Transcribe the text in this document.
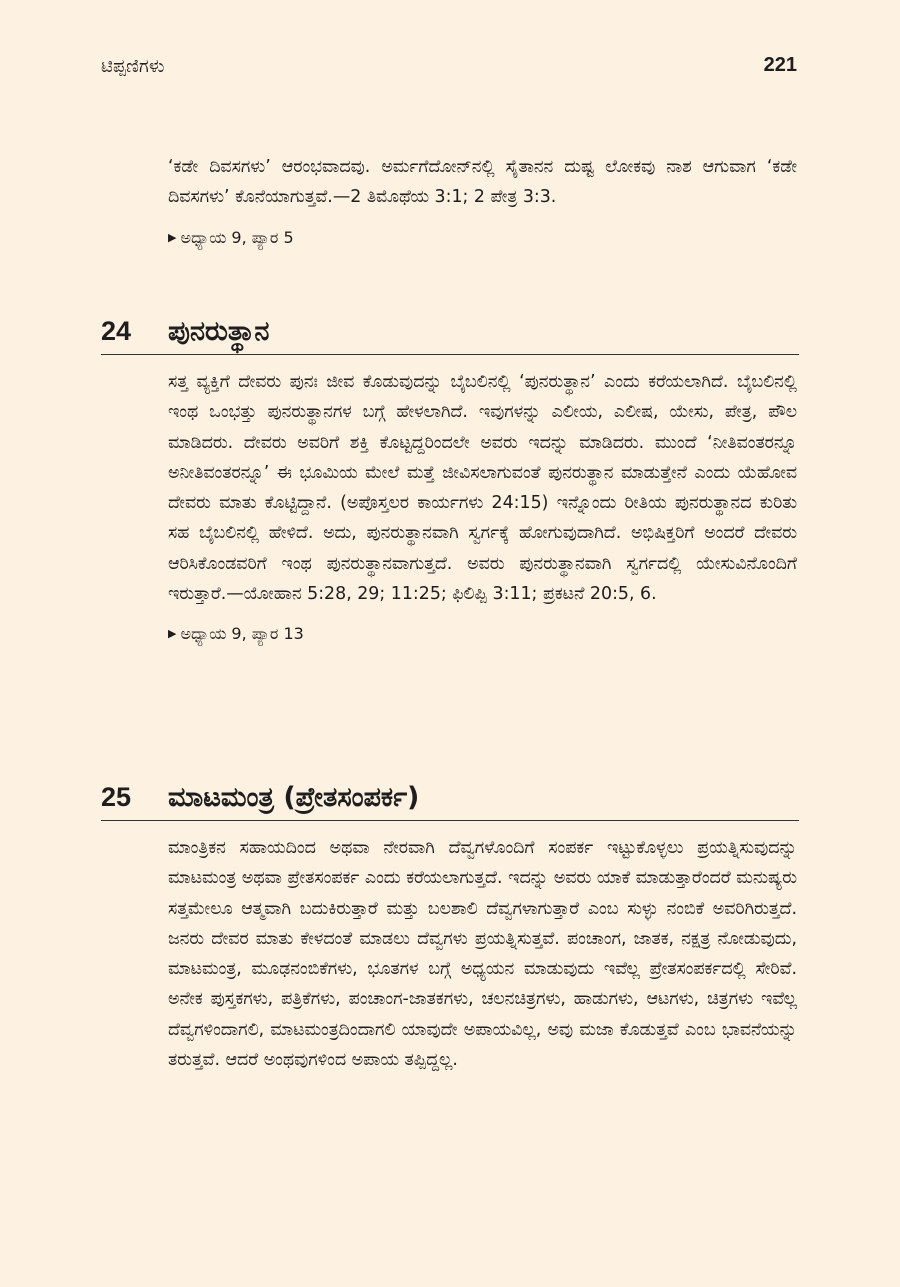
ಟಿಪ್ಪಣಿಗಳು	221

‘ಕಡೇ ದಿವಸಗಳು’ ಆರಂಭವಾದವು. ಅರ್ಮಗೆದೋನ್‌ನಲ್ಲಿ ಸೈತಾನನ ದುಷ್ಟ ಲೋಕವು ನಾಶ ಆಗುವಾಗ ‘ಕಡೇ ದಿವಸಗಳು’ ಕೊನೆಯಾಗುತ್ತವೆ.—2 ತಿಮೊಥೆಯ 3:1; 2 ಪೇತ್ರ 3:3.

▶ ಅಧ್ಯಾಯ 9, ಪ್ಯಾರ 5

24	ಪುನರುತ್ಥಾನ

ಸತ್ತ ವ್ಯಕ್ತಿಗೆ ದೇವರು ಪುನಃ ಜೀವ ಕೊಡುವುದನ್ನು ಬೈಬಲಿನಲ್ಲಿ ‘ಪುನರುತ್ಥಾನ’ ಎಂದು ಕರೆಯಲಾಗಿದೆ. ಬೈಬಲಿನಲ್ಲಿ ಇಂಥ ಒಂಭತ್ತು ಪುನರುತ್ಥಾನಗಳ ಬಗ್ಗೆ ಹೇಳಲಾಗಿದೆ. ಇವುಗಳನ್ನು ಎಲೀಯ, ಎಲೀಷ, ಯೇಸು, ಪೇತ್ರ, ಪೌಲ ಮಾಡಿದರು. ದೇವರು ಅವರಿಗೆ ಶಕ್ತಿ ಕೊಟ್ಟದ್ದರಿಂದಲೇ ಅವರು ಇದನ್ನು ಮಾಡಿದರು. ಮುಂದೆ ‘ನೀತಿವಂತರನ್ನೂ ಅನೀತಿವಂತರನ್ನೂ’ ಈ ಭೂಮಿಯ ಮೇಲೆ ಮತ್ತೆ ಜೀವಿಸಲಾಗುವಂತೆ ಪುನರುತ್ಥಾನ ಮಾಡುತ್ತೇನೆ ಎಂದು ಯೆಹೋವ ದೇವರು ಮಾತು ಕೊಟ್ಟಿದ್ದಾನೆ. (ಅಪೊಸ್ತಲರ ಕಾರ್ಯಗಳು 24:15) ಇನ್ನೊಂದು ರೀತಿಯ ಪುನರುತ್ಥಾನದ ಕುರಿತು ಸಹ ಬೈಬಲಿನಲ್ಲಿ ಹೇಳಿದೆ. ಅದು, ಪುನರುತ್ಥಾನವಾಗಿ ಸ್ವರ್ಗಕ್ಕೆ ಹೋಗುವುದಾಗಿದೆ. ಅಭಿಷಿಕ್ತರಿಗೆ ಅಂದರೆ ದೇವರು ಆರಿಸಿಕೊಂಡವರಿಗೆ ಇಂಥ ಪುನರುತ್ಥಾನವಾಗುತ್ತದೆ. ಅವರು ಪುನರುತ್ಥಾನವಾಗಿ ಸ್ವರ್ಗದಲ್ಲಿ ಯೇಸುವಿನೊಂದಿಗೆ ಇರುತ್ತಾರೆ.—ಯೋಹಾನ 5:28, 29; 11:25; ಫಿಲಿಪ್ಪಿ 3:11; ಪ್ರಕಟನೆ 20:5, 6.

▶ ಅಧ್ಯಾಯ 9, ಪ್ಯಾರ 13

25	ಮಾಟಮಂತ್ರ (ಪ್ರೇತಸಂಪರ್ಕ)

ಮಾಂತ್ರಿಕನ ಸಹಾಯದಿಂದ ಅಥವಾ ನೇರವಾಗಿ ದೆವ್ವಗಳೊಂದಿಗೆ ಸಂಪರ್ಕ ಇಟ್ಟುಕೊಳ್ಳಲು ಪ್ರಯತ್ನಿಸುವುದನ್ನು ಮಾಟಮಂತ್ರ ಅಥವಾ ಪ್ರೇತಸಂಪರ್ಕ ಎಂದು ಕರೆಯಲಾಗುತ್ತದೆ. ಇದನ್ನು ಅವರು ಯಾಕೆ ಮಾಡುತ್ತಾರೆಂದರೆ ಮನುಷ್ಯರು ಸತ್ತಮೇಲೂ ಆತ್ಮವಾಗಿ ಬದುಕಿರುತ್ತಾರೆ ಮತ್ತು ಬಲಶಾಲಿ ದೆವ್ವಗಳಾಗುತ್ತಾರೆ ಎಂಬ ಸುಳ್ಳು ನಂಬಿಕೆ ಅವರಿಗಿರುತ್ತದೆ. ಜನರು ದೇವರ ಮಾತು ಕೇಳದಂತೆ ಮಾಡಲು ದೆವ್ವಗಳು ಪ್ರಯತ್ನಿಸುತ್ತವೆ. ಪಂಚಾಂಗ, ಜಾತಕ, ನಕ್ಷತ್ರ ನೋಡುವುದು, ಮಾಟಮಂತ್ರ, ಮೂಢನಂಬಿಕೆಗಳು, ಭೂತಗಳ ಬಗ್ಗೆ ಅಧ್ಯಯನ ಮಾಡುವುದು ಇವೆಲ್ಲ ಪ್ರೇತಸಂಪರ್ಕದಲ್ಲಿ ಸೇರಿವೆ. ಅನೇಕ ಪುಸ್ತಕಗಳು, ಪತ್ರಿಕೆಗಳು, ಪಂಚಾಂಗ-ಜಾತಕಗಳು, ಚಲನಚಿತ್ರಗಳು, ಹಾಡುಗಳು, ಆಟಗಳು, ಚಿತ್ರಗಳು ಇವೆಲ್ಲ ದೆವ್ವಗಳಿಂದಾಗಲಿ, ಮಾಟಮಂತ್ರದಿಂದಾಗಲಿ ಯಾವುದೇ ಅಪಾಯವಿಲ್ಲ, ಅವು ಮಜಾ ಕೊಡುತ್ತವೆ ಎಂಬ ಭಾವನೆಯನ್ನು ತರುತ್ತವೆ. ಆದರೆ ಅಂಥವುಗಳಿಂದ ಅಪಾಯ ತಪ್ಪಿದ್ದಲ್ಲ.
